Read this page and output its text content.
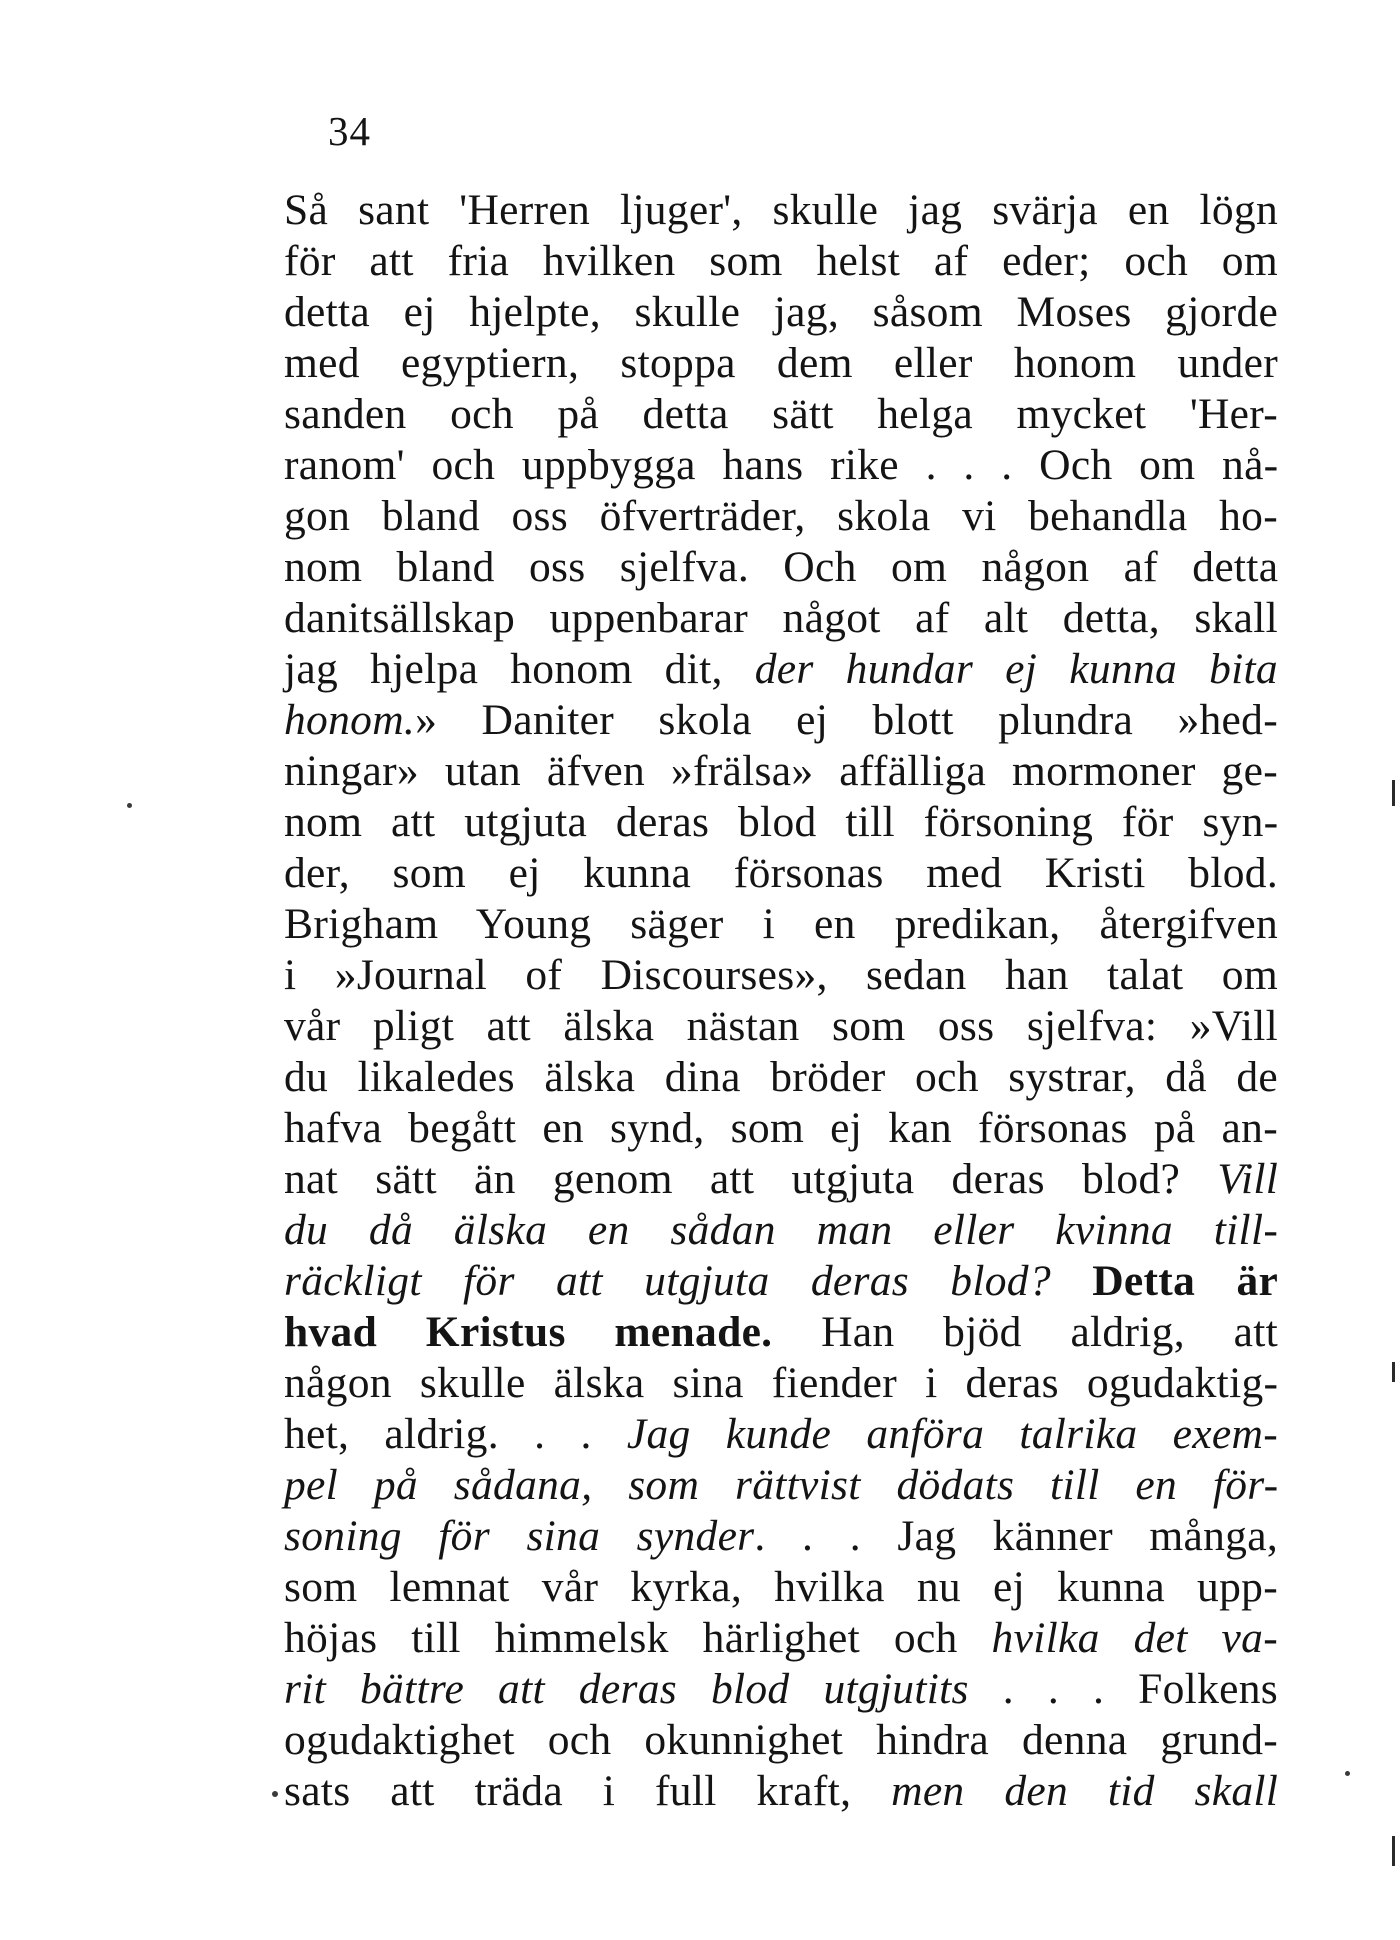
34
Så sant 'Herren ljuger', skulle jag svärja en lögn
för att fria hvilken som helst af eder; och om
detta ej hjelpte, skulle jag, såsom Moses gjorde
med egyptiern, stoppa dem eller honom under
sanden och på detta sätt helga mycket 'Her-
ranom' och uppbygga hans rike . . . Och om nå-
gon bland oss öfverträder, skola vi behandla ho-
nom bland oss sjelfva. Och om någon af detta
danitsällskap uppenbarar något af alt detta, skall
jag hjelpa honom dit, der hundar ej kunna bita
honom.» Daniter skola ej blott plundra »hed-
ningar» utan äfven »frälsa» affälliga mormoner ge-
nom att utgjuta deras blod till försoning för syn-
der, som ej kunna försonas med Kristi blod.
Brigham Young säger i en predikan, återgifven
i »Journal of Discourses», sedan han talat om
vår pligt att älska nästan som oss sjelfva: »Vill
du likaledes älska dina bröder och systrar, då de
hafva begått en synd, som ej kan försonas på an-
nat sätt än genom att utgjuta deras blod? Vill
du då älska en sådan man eller kvinna till-
räckligt för att utgjuta deras blod? Detta är
hvad Kristus menade. Han bjöd aldrig, att
någon skulle älska sina fiender i deras ogudaktig-
het, aldrig. . . Jag kunde anföra talrika exem-
pel på sådana, som rättvist dödats till en för-
soning för sina synder. . . Jag känner många,
som lemnat vår kyrka, hvilka nu ej kunna upp-
höjas till himmelsk härlighet och hvilka det va-
rit bättre att deras blod utgjutits . . . Folkens
ogudaktighet och okunnighet hindra denna grund-
sats att träda i full kraft, men den tid skall
